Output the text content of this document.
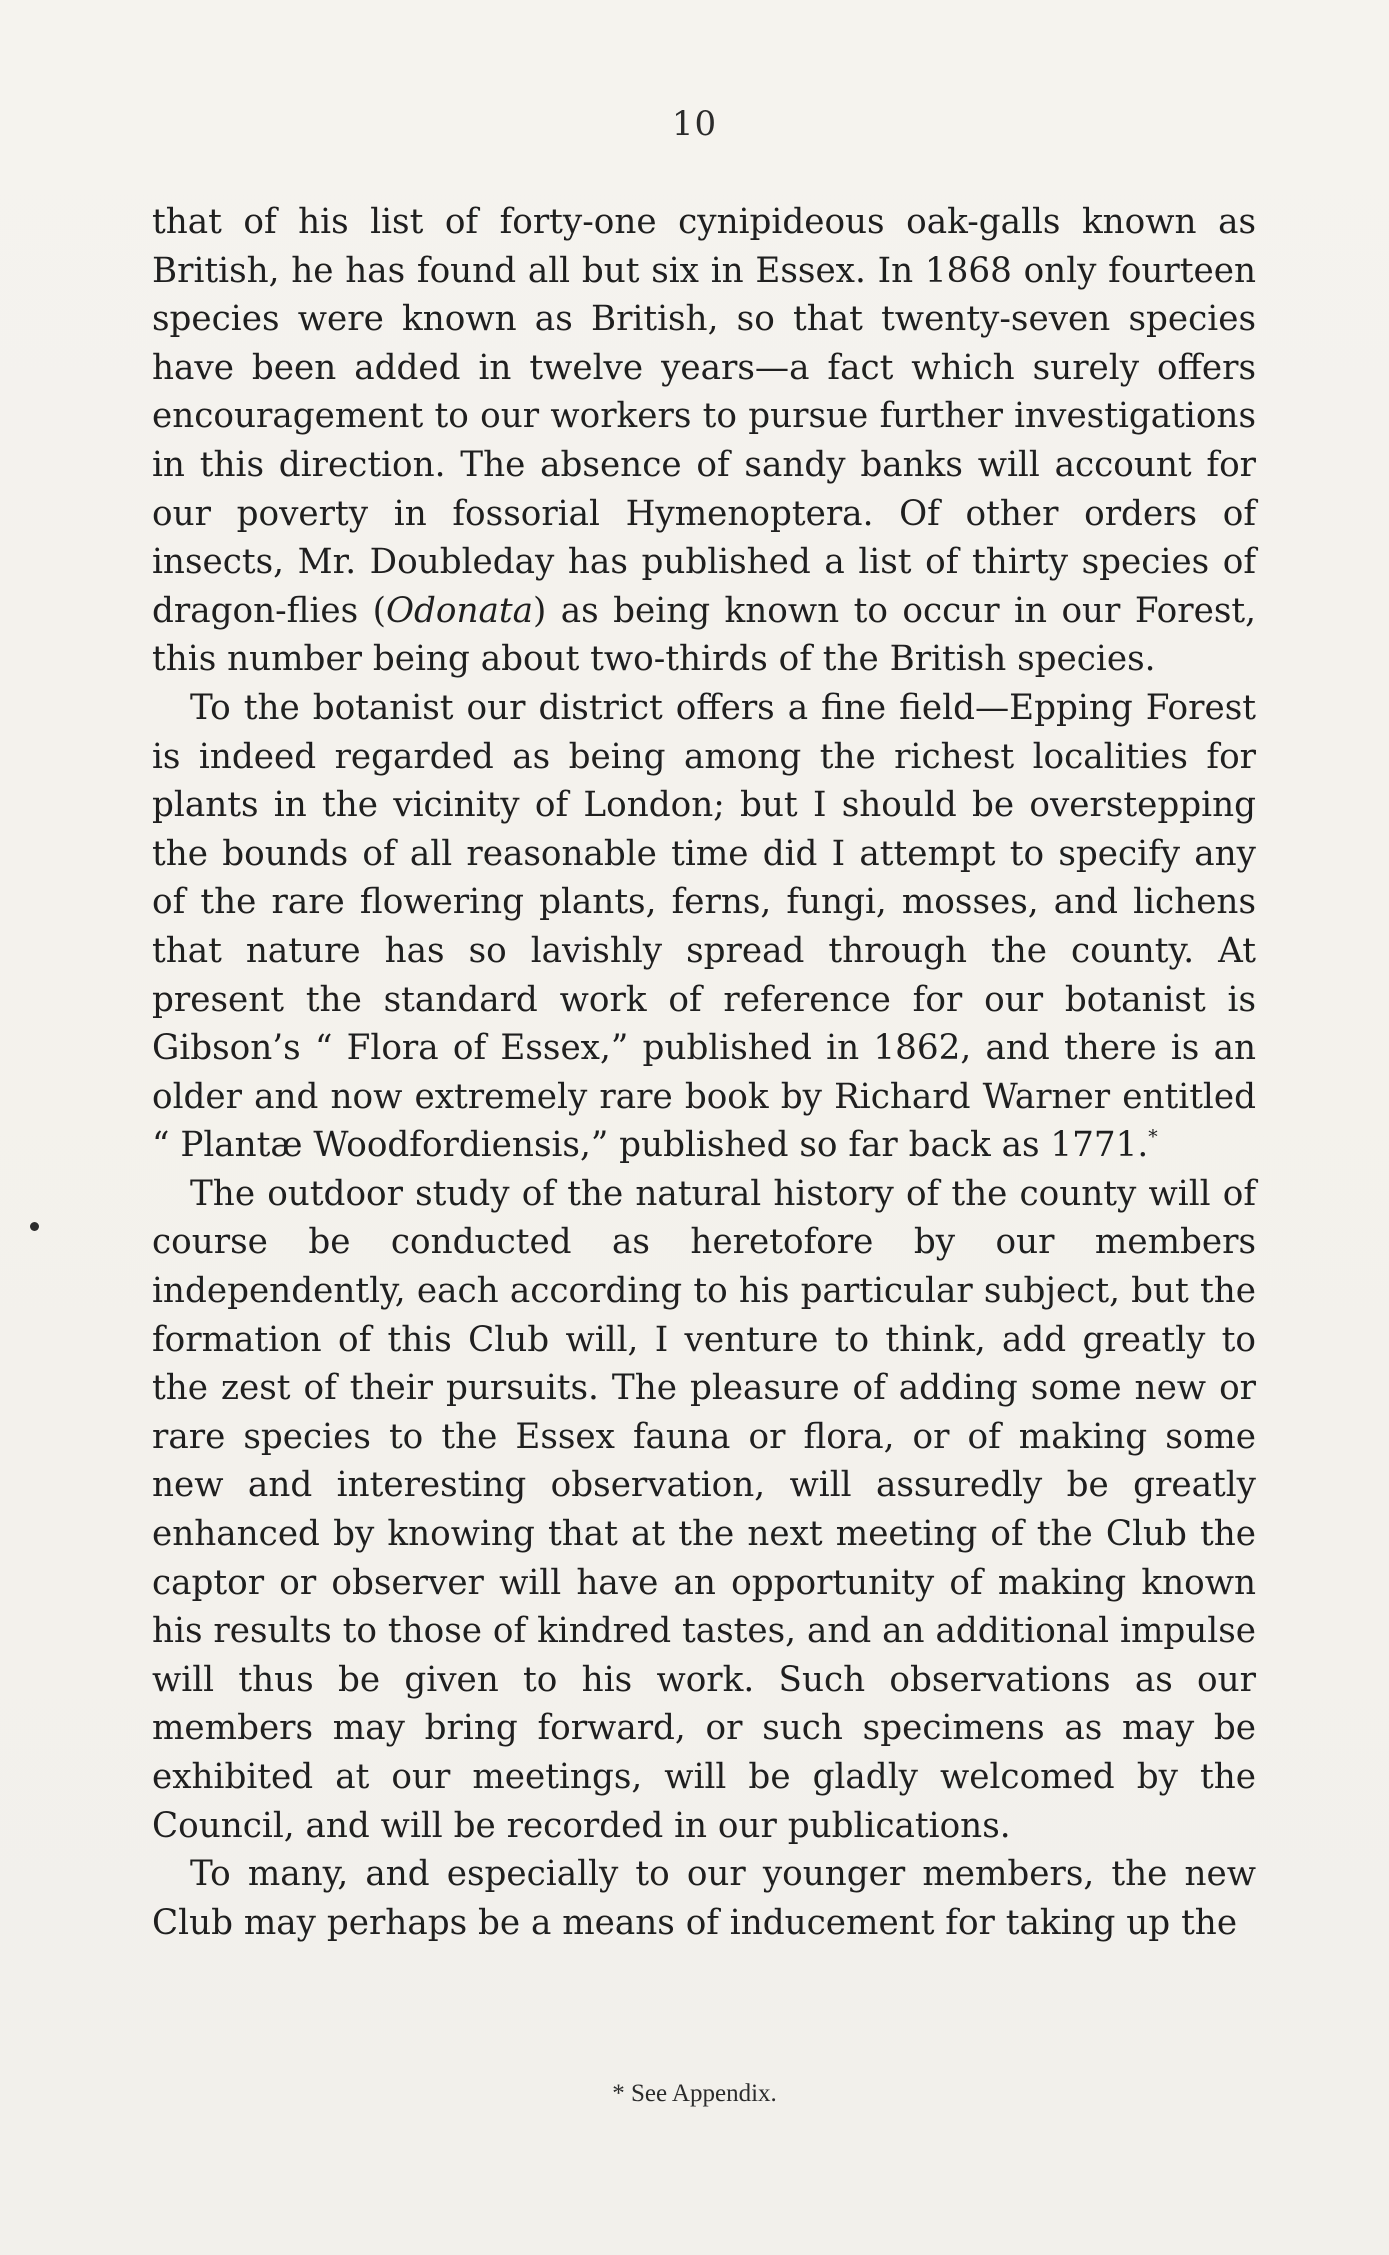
10

that of his list of forty-one cynipideous oak-galls known as British, he has found all but six in Essex. In 1868 only fourteen species were known as British, so that twenty-seven species have been added in twelve years—a fact which surely offers encouragement to our workers to pursue further investigations in this direction. The absence of sandy banks will account for our poverty in fossorial Hymenoptera. Of other orders of insects, Mr. Doubleday has published a list of thirty species of dragon-flies (Odonata) as being known to occur in our Forest, this number being about two-thirds of the British species.

To the botanist our district offers a fine field—Epping Forest is indeed regarded as being among the richest localities for plants in the vicinity of London; but I should be overstepping the bounds of all reasonable time did I attempt to specify any of the rare flowering plants, ferns, fungi, mosses, and lichens that nature has so lavishly spread through the county. At present the standard work of reference for our botanist is Gibson’s “ Flora of Essex,” published in 1862, and there is an older and now extremely rare book by Richard Warner entitled “ Plantæ Woodfordiensis,” published so far back as 1771.*

The outdoor study of the natural history of the county will of course be conducted as heretofore by our members independently, each according to his particular subject, but the formation of this Club will, I venture to think, add greatly to the zest of their pursuits. The pleasure of adding some new or rare species to the Essex fauna or flora, or of making some new and interesting observation, will assuredly be greatly enhanced by knowing that at the next meeting of the Club the captor or observer will have an opportunity of making known his results to those of kindred tastes, and an additional impulse will thus be given to his work. Such observations as our members may bring forward, or such specimens as may be exhibited at our meetings, will be gladly welcomed by the Council, and will be recorded in our publications.

To many, and especially to our younger members, the new Club may perhaps be a means of inducement for taking up the

* See Appendix.
